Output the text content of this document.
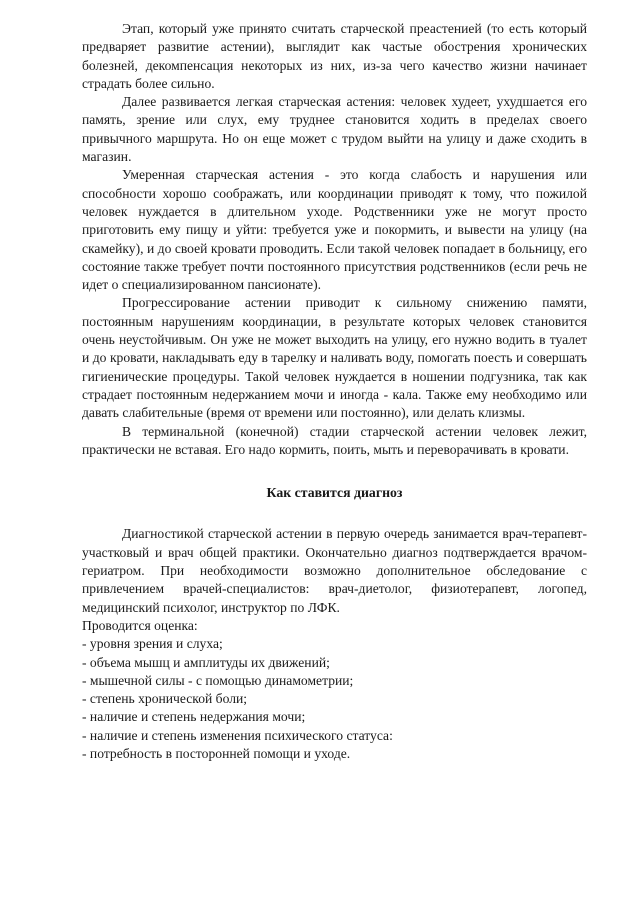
Этап, который уже принято считать старческой преастенией (то есть который предваряет развитие астении), выглядит как частые обострения хронических болезней, декомпенсация некоторых из них, из-за чего качество жизни начинает страдать более сильно.

Далее развивается легкая старческая астения: человек худеет, ухудшается его память, зрение или слух, ему труднее становится ходить в пределах своего привычного маршрута. Но он еще может с трудом выйти на улицу и даже сходить в магазин.

Умеренная старческая астения - это когда слабость и нарушения или способности хорошо соображать, или координации приводят к тому, что пожилой человек нуждается в длительном уходе. Родственники уже не могут просто приготовить ему пищу и уйти: требуется уже и покормить, и вывести на улицу (на скамейку), и до своей кровати проводить. Если такой человек попадает в больницу, его состояние также требует почти постоянного присутствия родственников (если речь не идет о специализированном пансионате).

Прогрессирование астении приводит к сильному снижению памяти, постоянным нарушениям координации, в результате которых человек становится очень неустойчивым. Он уже не может выходить на улицу, его нужно водить в туалет и до кровати, накладывать еду в тарелку и наливать воду, помогать поесть и совершать гигиенические процедуры. Такой человек нуждается в ношении подгузника, так как страдает постоянным недержанием мочи и иногда - кала. Также ему необходимо или давать слабительные (время от времени или постоянно), или делать клизмы.

В терминальной (конечной) стадии старческой астении человек лежит, практически не вставая. Его надо кормить, поить, мыть и переворачивать в кровати.

Как ставится диагноз

Диагностикой старческой астении в первую очередь занимается врач-терапевт-участковый и врач общей практики. Окончательно диагноз подтверждается врачом-гериатром. При необходимости возможно дополнительное обследование с привлечением врачей-специалистов: врач-диетолог, физиотерапевт, логопед, медицинский психолог, инструктор по ЛФК.

Проводится оценка:

- уровня зрения и слуха;
- объема мышц и амплитуды их движений;
- мышечной силы - с помощью динамометрии;
- степень хронической боли;
- наличие и степень недержания мочи;
- наличие и степень изменения психического статуса:
- потребность в посторонней помощи и уходе.
